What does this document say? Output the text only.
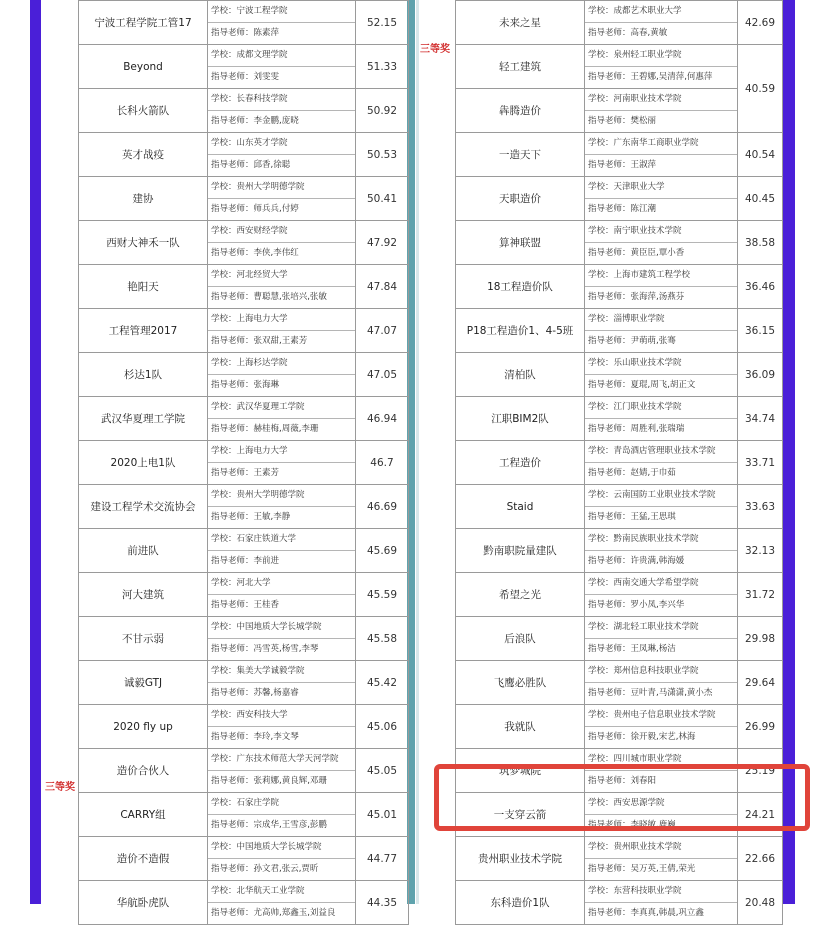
三等奖
三等奖
宁波工程学院工管17	学校：宁波工程学院
指导老师：陈素萍	52.15
Beyond	学校：成都文理学院
指导老师：刘雯雯	51.33
长科火箭队	学校：长春科技学院
指导老师：李金鹏,庞晓	50.92
英才战疫	学校：山东英才学院
指导老师：邱香,徐聪	50.53
建协	学校：贵州大学明德学院
指导老师：师兵兵,付婷	50.41
西财大神禾一队	学校：西安财经学院
指导老师：李侠,李伟红	47.92
艳阳天	学校：河北经贸大学
指导老师：曹聪慧,张培兴,张敏	47.84
工程管理2017	学校：上海电力大学
指导老师：张双甜,王素芳	47.07
杉达1队	学校：上海杉达学院
指导老师：张海琳	47.05
武汉华夏理工学院	学校：武汉华夏理工学院
指导老师：赫桂梅,周薇,李珊	46.94
2020上电1队	学校：上海电力大学
指导老师：王素芳	46.7
建设工程学术交流协会	学校：贵州大学明德学院
指导老师：王敏,李静	46.69
前进队	学校：石家庄铁道大学
指导老师：李前进	45.69
河大建筑	学校：河北大学
指导老师：王桂香	45.59
不甘示弱	学校：中国地质大学长城学院
指导老师：冯雪英,杨雪,李琴	45.58
诚毅GTJ	学校：集美大学诚毅学院
指导老师：苏馨,杨嘉睿	45.42
2020 fly up	学校：西安科技大学
指导老师：李玲,李文琴	45.06
造价合伙人	学校：广东技术师范大学天河学院
指导老师：张莉娜,黄良辉,邓珊	45.05
CARRY组	学校：石家庄学院
指导老师：宗成华,王雪彦,彭鹏	45.01
造价不造假	学校：中国地质大学长城学院
指导老师：孙文君,张云,贾昕	44.77
华航卧虎队	学校：北华航天工业学院
指导老师：尤高帅,郑鑫玉,刘益良	44.35
未来之星	学校：成都艺术职业大学
指导老师：高春,黄敏	42.69
轻工建筑	学校：泉州轻工职业学院
指导老师：王碧娜,吴清萍,何惠萍	40.59
犇腾造价	学校：河南职业技术学院
指导老师：樊松丽	

一造天下	学校：广东南华工商职业学院
指导老师：王淑萍	40.54
天职造价	学校：天津职业大学
指导老师：陈江潮	40.45
算神联盟	学校：南宁职业技术学院
指导老师：黄臣臣,覃小香	38.58
18工程造价队	学校：上海市建筑工程学校
指导老师：张海萍,汤燕芬	36.46
P18工程造价1、4-5班	学校：淄博职业学院
指导老师：尹萌萌,张骞	36.15
清柏队	学校：乐山职业技术学院
指导老师：夏琨,周飞,胡正文	36.09
江职BIM2队	学校：江门职业技术学院
指导老师：周胜利,张瑞瑞	34.74
工程造价	学校：青岛酒店管理职业技术学院
指导老师：赵婧,于巾茹	33.71
Staid	学校：云南国防工业职业技术学院
指导老师：王猛,王思琪	33.63
黔南职院量建队	学校：黔南民族职业技术学院
指导老师：许贵满,韩海媛	32.13
希望之光	学校：西南交通大学希望学院
指导老师：罗小凤,李兴华	31.72
后浪队	学校：湖北轻工职业技术学院
指导老师：王凤琳,杨洁	29.98
飞鹰必胜队	学校：郑州信息科技职业学院
指导老师：豆叶青,马潇潇,黄小杰	29.64
我就队	学校：贵州电子信息职业技术学院
指导老师：徐开毅,宋艺,林海	26.99
筑梦城院	学校：四川城市职业学院
指导老师：刘春阳	25.19
一支穿云箭	学校：西安思源学院
指导老师：李晓敏,鹿巍	24.21
贵州职业技术学院	学校：贵州职业技术学院
指导老师：吴万英,王倩,荣光	22.66
东科造价1队	学校：东营科技职业学院
指导老师：李真真,韩晨,巩立鑫	20.48
